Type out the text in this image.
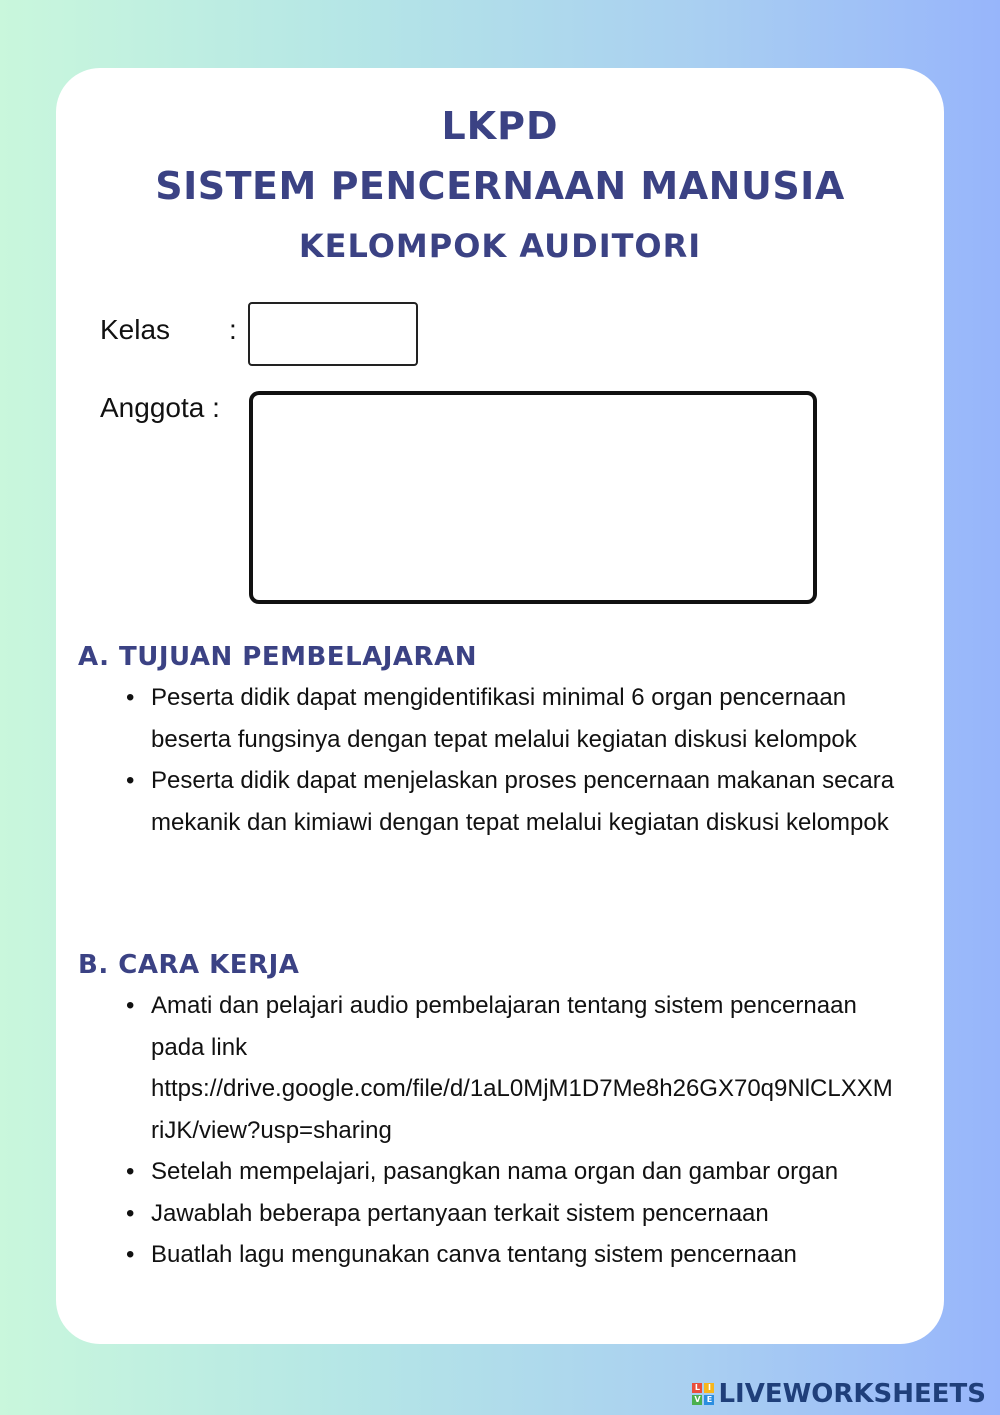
LKPD
SISTEM PENCERNAAN MANUSIA
KELOMPOK AUDITORI
Kelas :
Anggota :
A. TUJUAN PEMBELAJARAN
• Peserta didik dapat mengidentifikasi minimal 6 organ pencernaan beserta fungsinya dengan tepat melalui kegiatan diskusi kelompok
• Peserta didik dapat menjelaskan proses pencernaan makanan secara mekanik dan kimiawi dengan tepat melalui kegiatan diskusi kelompok
B. CARA KERJA
• Amati dan pelajari audio pembelajaran tentang sistem pencernaan pada link
https://drive.google.com/file/d/1aL0MjM1D7Me8h26GX70q9NlCLXXMriJK/view?usp=sharing
• Setelah mempelajari, pasangkan nama organ dan gambar organ
• Jawablah beberapa pertanyaan terkait sistem pencernaan
• Buatlah lagu mengunakan canva tentang sistem pencernaan
L I
V E LIVEWORKSHEETS
